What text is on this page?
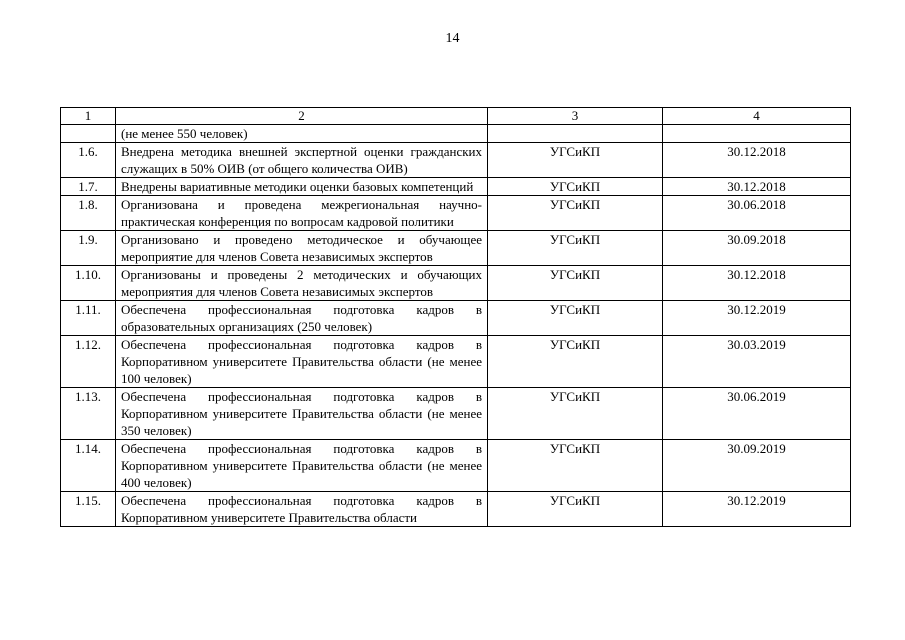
14
1	2	3	4
	(не менее 550 человек)		
1.6.	Внедрена методика внешней экспертной оценки гражданских служащих в 50% ОИВ (от общего количества ОИВ)	УГСиКП	30.12.2018
1.7.	Внедрены вариативные методики оценки базовых компетенций	УГСиКП	30.12.2018
1.8.	Организована и проведена межрегиональная научно-практическая конференция по вопросам кадровой политики	УГСиКП	30.06.2018
1.9.	Организовано и проведено методическое и обучающее мероприятие для членов Совета независимых экспертов	УГСиКП	30.09.2018
1.10.	Организованы и проведены 2 методических и обучающих мероприятия для членов Совета независимых экспертов	УГСиКП	30.12.2018
1.11.	Обеспечена профессиональная подготовка кадров в образовательных организациях (250 человек)	УГСиКП	30.12.2019
1.12.	Обеспечена профессиональная подготовка кадров в Корпоративном университете Правительства области (не менее 100 человек)	УГСиКП	30.03.2019
1.13.	Обеспечена профессиональная подготовка кадров в Корпоративном университете Правительства области (не менее 350 человек)	УГСиКП	30.06.2019
1.14.	Обеспечена профессиональная подготовка кадров в Корпоративном университете Правительства области (не менее 400 человек)	УГСиКП	30.09.2019
1.15.	Обеспечена профессиональная подготовка кадров в Корпоративном университете Правительства области	УГСиКП	30.12.2019
